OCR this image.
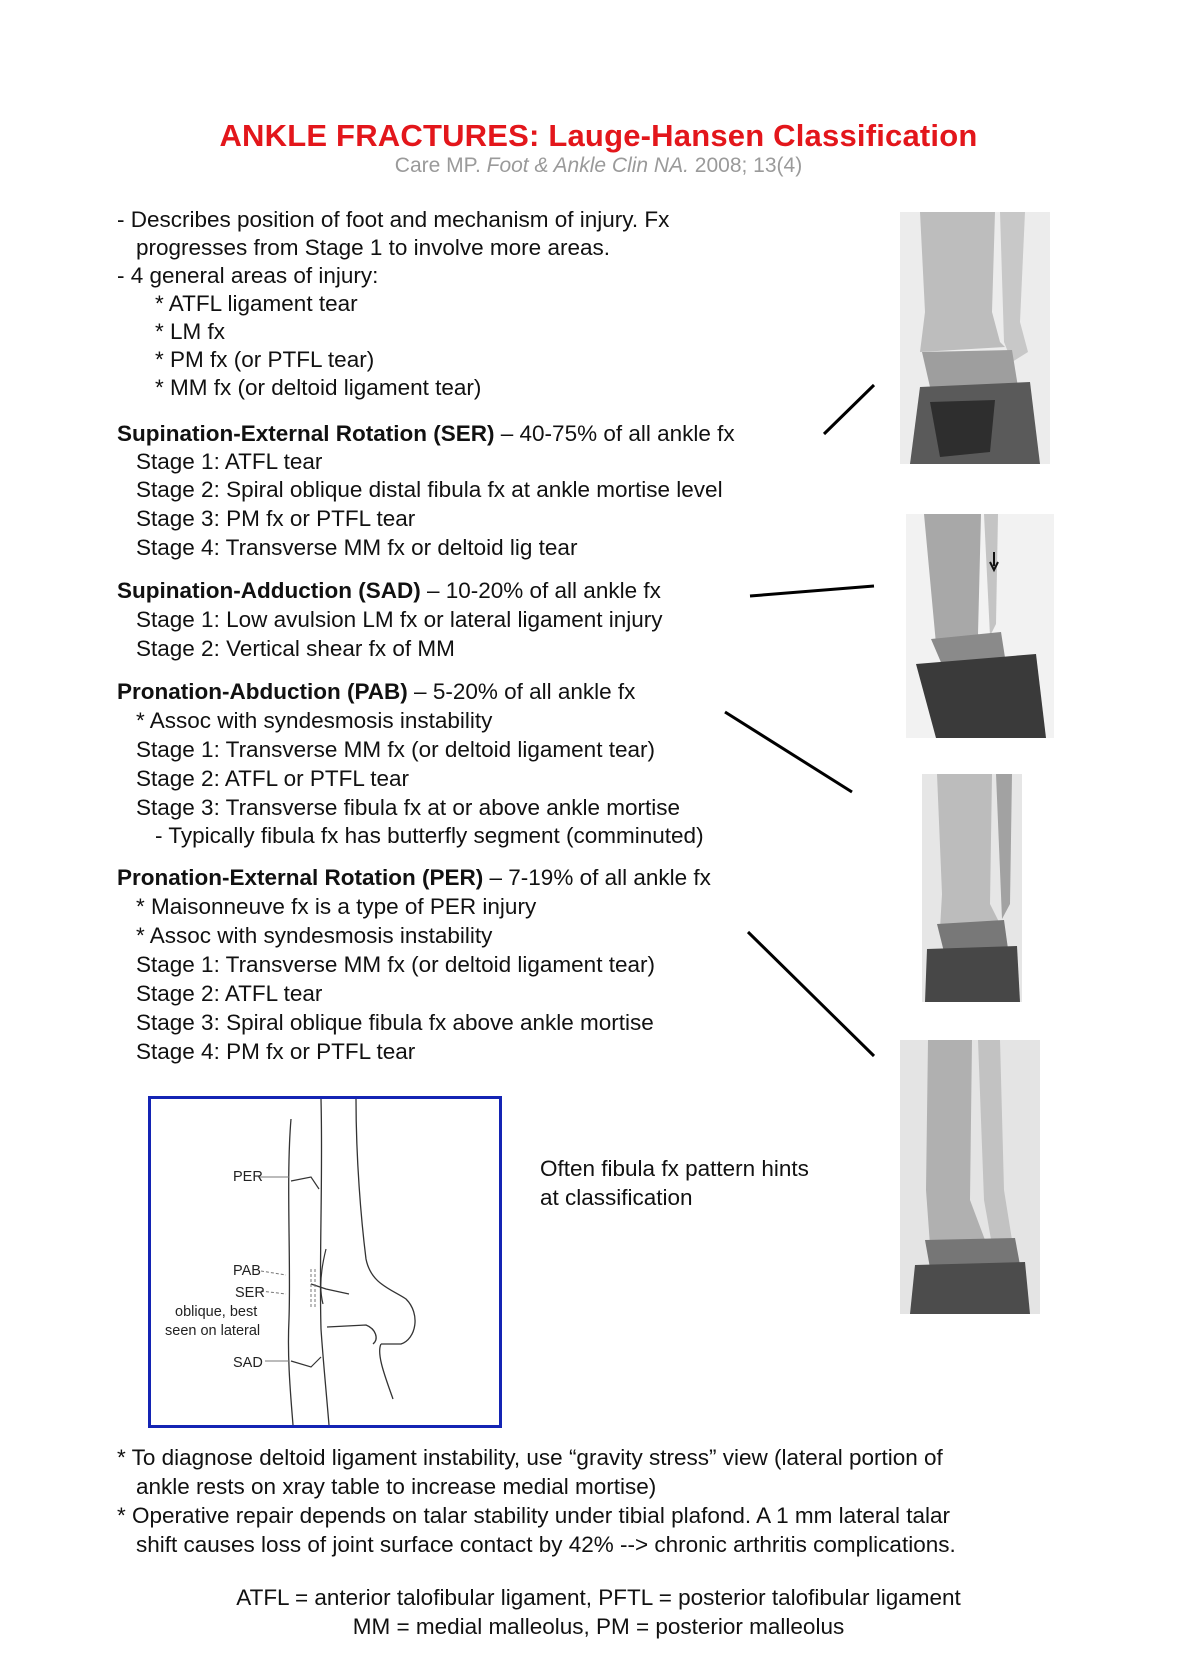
ANKLE FRACTURES: Lauge-Hansen Classification
Care MP. Foot & Ankle Clin NA. 2008; 13(4)
- Describes position of foot and mechanism of injury. Fx
progresses from Stage 1 to involve more areas.
- 4 general areas of injury:
* ATFL ligament tear
* LM fx
* PM fx (or PTFL tear)
* MM fx (or deltoid ligament tear)
Supination-External Rotation (SER) – 40-75% of all ankle fx
Stage 1: ATFL tear
Stage 2: Spiral oblique distal fibula fx at ankle mortise level
Stage 3: PM fx or PTFL tear
Stage 4: Transverse MM fx or deltoid lig tear
Supination-Adduction (SAD) – 10-20% of all ankle fx
Stage 1: Low avulsion LM fx or lateral ligament injury
Stage 2: Vertical shear fx of MM
Pronation-Abduction (PAB) – 5-20% of all ankle fx
* Assoc with syndesmosis instability
Stage 1: Transverse MM fx (or deltoid ligament tear)
Stage 2: ATFL or PTFL tear
Stage 3: Transverse fibula fx at or above ankle mortise
- Typically fibula fx has butterfly segment (comminuted)
Pronation-External Rotation (PER) – 7-19% of all ankle fx
* Maisonneuve fx is a type of PER injury
* Assoc with syndesmosis instability
Stage 1: Transverse MM fx (or deltoid ligament tear)
Stage 2: ATFL tear
Stage 3: Spiral oblique fibula fx above ankle mortise
Stage 4: PM fx or PTFL tear
PER
PAB
SER
oblique, best
seen on lateral
SAD
Often fibula fx pattern hints
at classification
* To diagnose deltoid ligament instability, use “gravity stress” view (lateral portion of
ankle rests on xray table to increase medial mortise)
* Operative repair depends on talar stability under tibial plafond. A 1 mm lateral talar
shift causes loss of joint surface contact by 42% --> chronic arthritis complications.
ATFL = anterior talofibular ligament, PFTL = posterior talofibular ligament
MM = medial malleolus, PM = posterior malleolus
